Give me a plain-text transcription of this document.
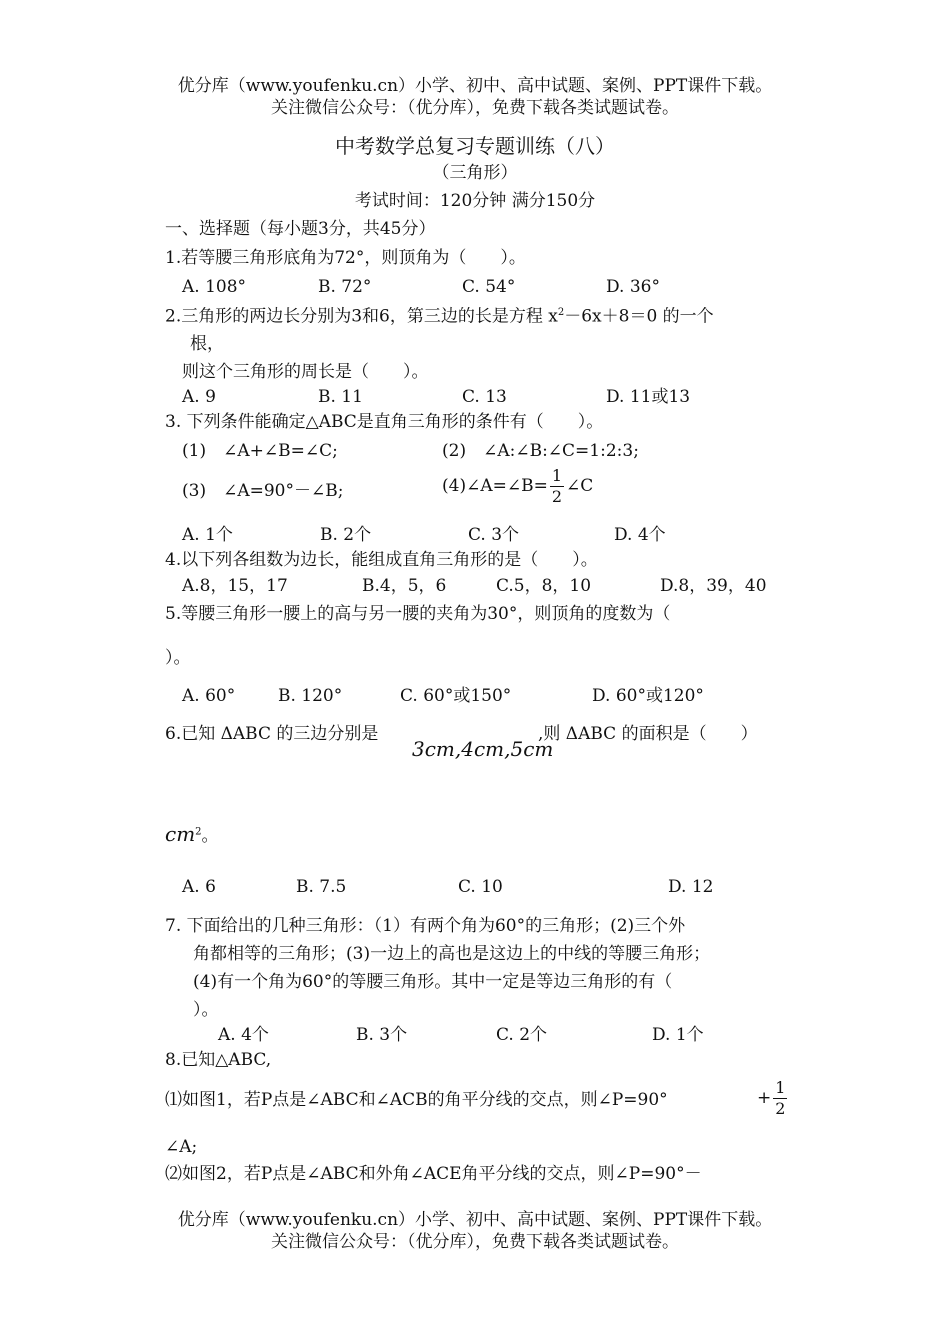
优分库（www.youfenku.cn）小学、初中、高中试题、案例、PPT课件下载。
关注微信公众号：（优分库），免费下载各类试题试卷。
中考数学总复习专题训练（八）
（三角形）
考试时间：120分钟 满分150分
一、选择题（每小题3分，共45分）
1.若等腰三角形底角为72°，则顶角为（　　）。
A. 108°	B. 72°	C. 54°	D. 36°
2.三角形的两边长分别为3和6，第三边的长是方程 $x^2-6x+8=0$ 的一个
根，
则这个三角形的周长是（　　）。
A. 9	B. 11	C. 13	D. 11或13
3. 下列条件能确定△ABC是直角三角形的条件有（　　）。
(1)　∠A+∠B=∠C;	(2)　∠A:∠B:∠C=1:2:3;
(3)　∠A=90°－∠B;	(4)∠A=∠B= $\frac{1}{2}$ ∠C
A. 1个	B. 2个	C. 3个	D. 4个
4.以下列各组数为边长，能组成直角三角形的是（　　）。
A.8，15，17	B.4，5，6	C.5，8，10	D.8，39，40
5.等腰三角形一腰上的高与另一腰的夹角为30°，则顶角的度数为（
）。
A. 60°	B. 120°	C. 60°或150°	D. 60°或120°
6.已知 ΔABC 的三边分别是
3cm,4cm,5cm
,则 ΔABC 的面积是（　　）
$cm^2$。
A. 6	B. 7.5	C. 10	D. 12
7. 下面给出的几种三角形：（1）有两个角为60°的三角形；(2)三个外
角都相等的三角形；(3)一边上的高也是这边上的中线的等腰三角形；
(4)有一个角为60°的等腰三角形。其中一定是等边三角形的有（
）。
A. 4个	B. 3个	C. 2个	D. 1个
8.已知△ABC,
⑴如图1，若P点是∠ABC和∠ACB的角平分线的交点，则∠P=90°	+ $\frac{1}{2}$
∠A;
⑵如图2，若P点是∠ABC和外角∠ACE角平分线的交点，则∠P=90°－
优分库（www.youfenku.cn）小学、初中、高中试题、案例、PPT课件下载。
关注微信公众号：（优分库），免费下载各类试题试卷。
